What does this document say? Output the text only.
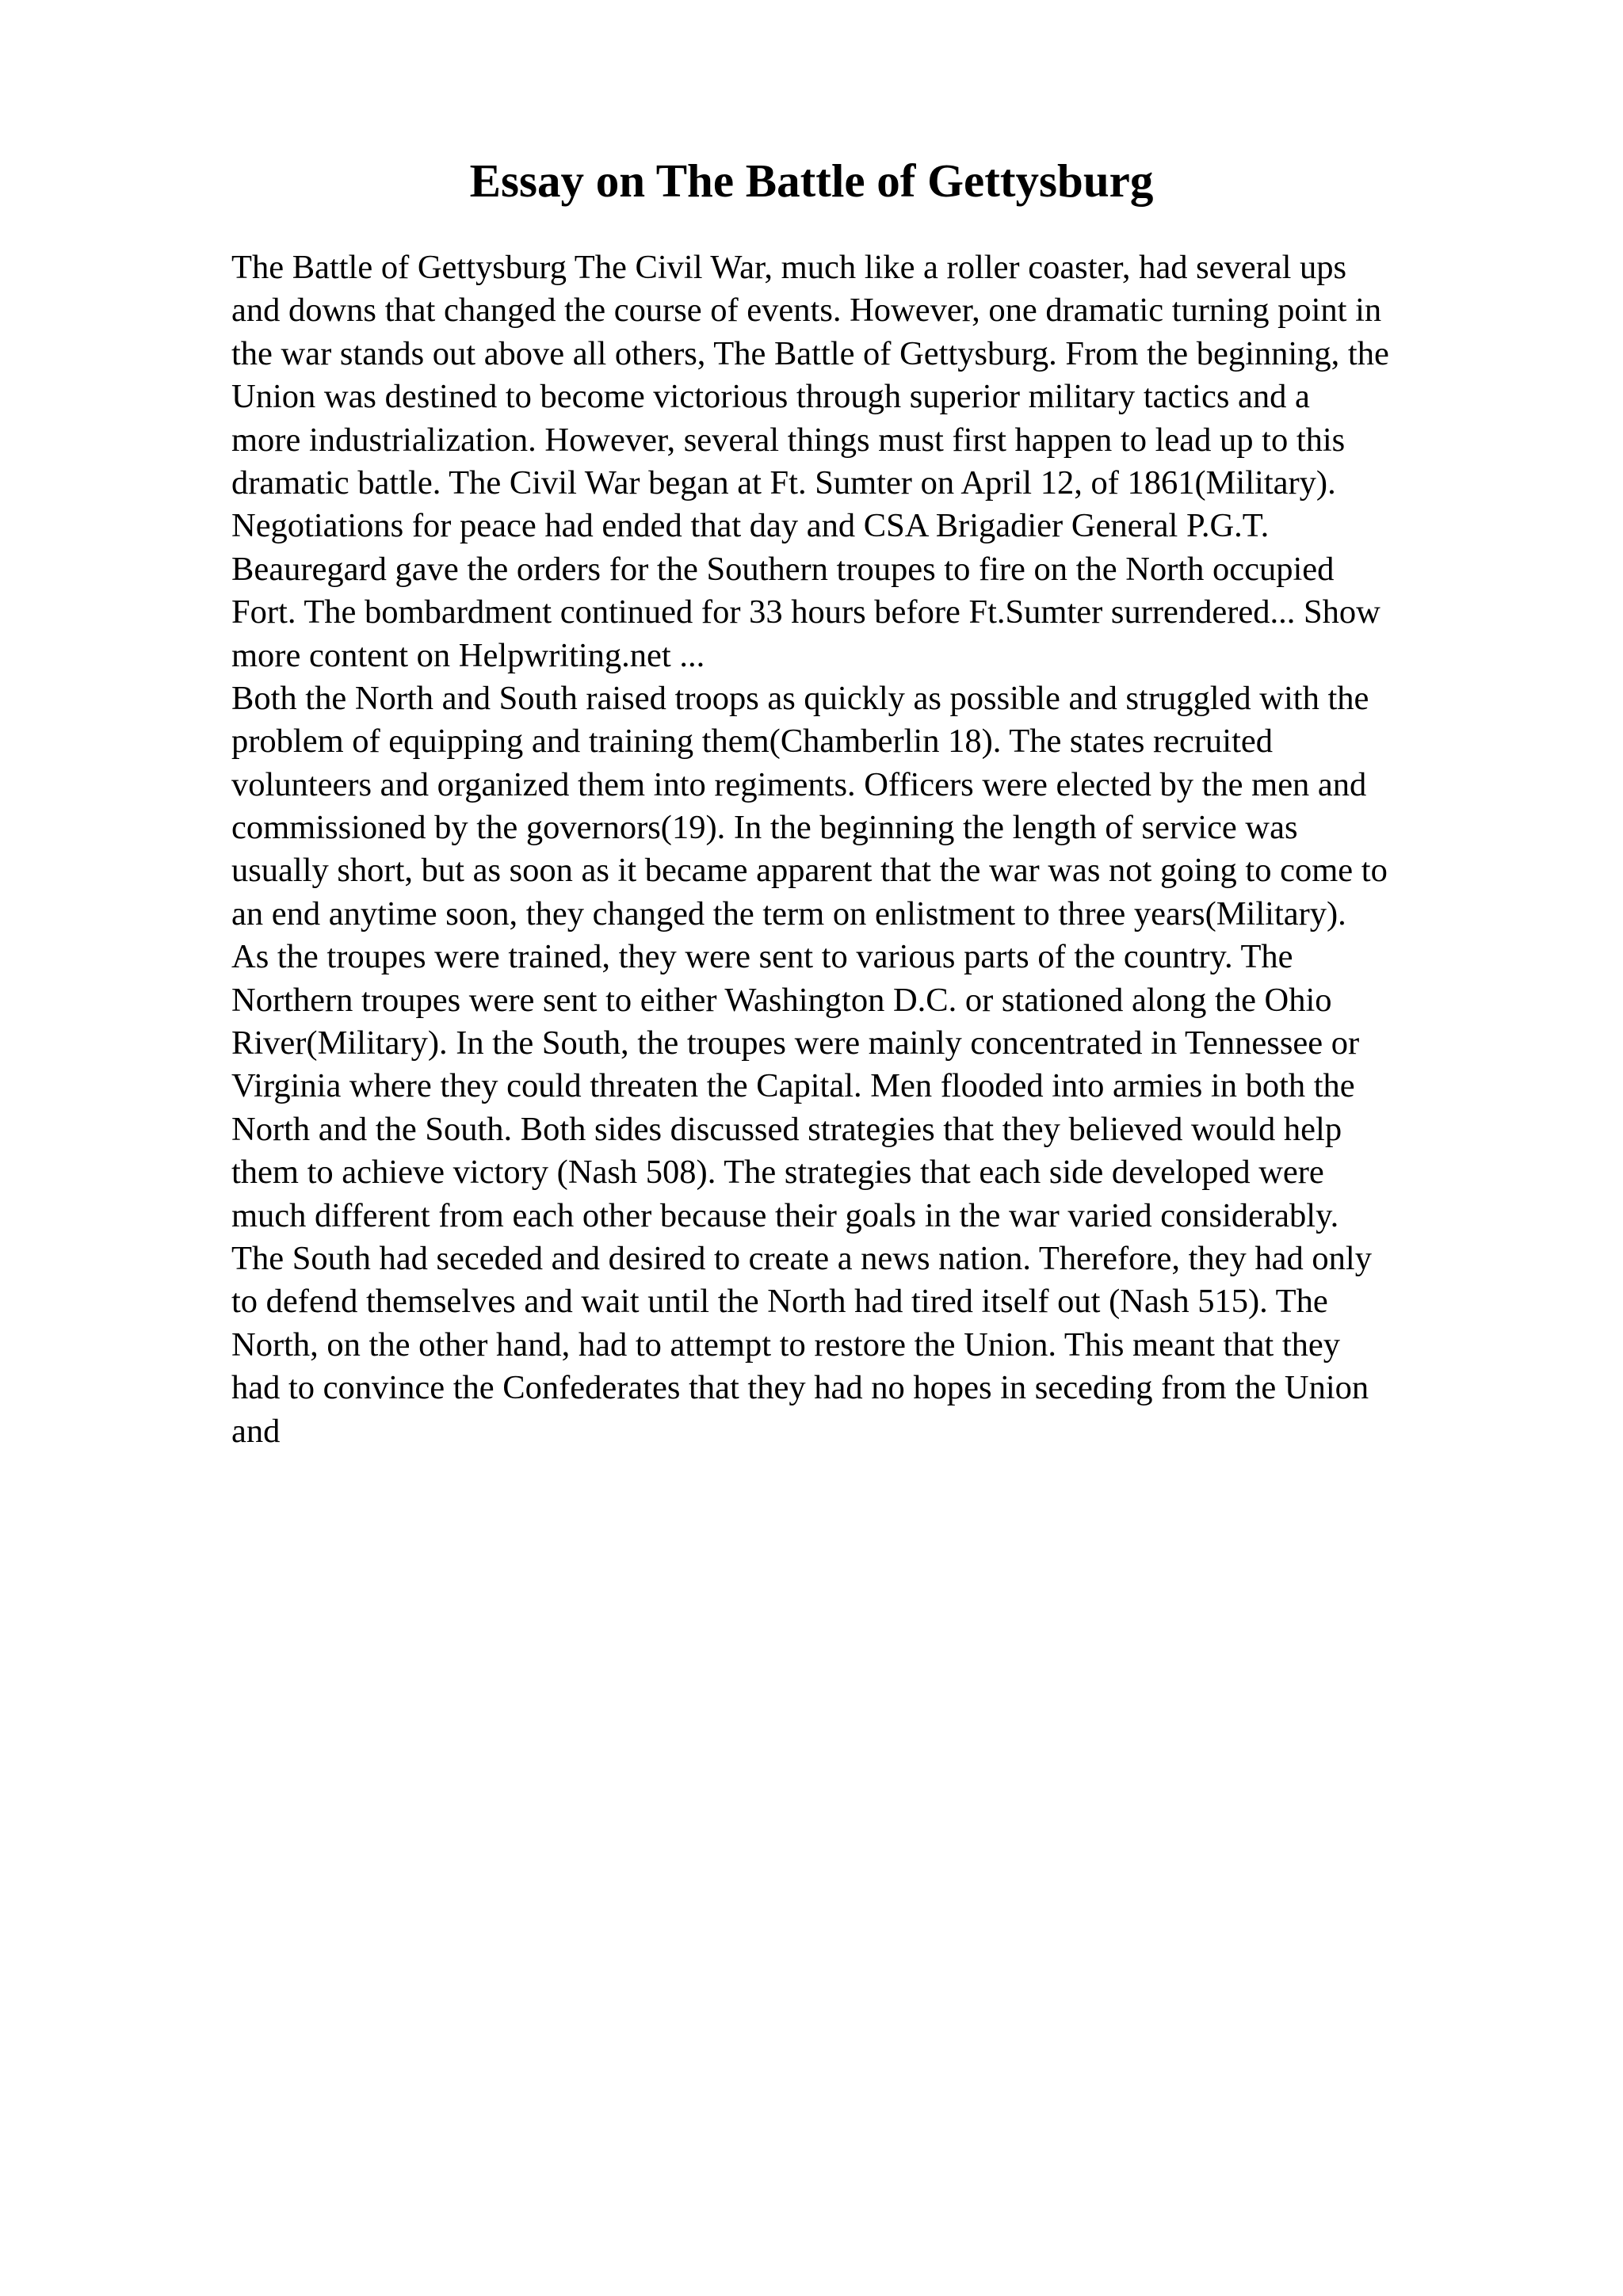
Essay on The Battle of Gettysburg
The Battle of Gettysburg The Civil War, much like a roller coaster, had several ups
and downs that changed the course of events. However, one dramatic turning point in
the war stands out above all others, The Battle of Gettysburg. From the beginning, the
Union was destined to become victorious through superior military tactics and a
more industrialization. However, several things must first happen to lead up to this
dramatic battle. The Civil War began at Ft. Sumter on April 12, of 1861(Military).
Negotiations for peace had ended that day and CSA Brigadier General P.G.T.
Beauregard gave the orders for the Southern troupes to fire on the North occupied
Fort. The bombardment continued for 33 hours before Ft.Sumter surrendered... Show
more content on Helpwriting.net ...
Both the North and South raised troops as quickly as possible and struggled with the
problem of equipping and training them(Chamberlin 18). The states recruited
volunteers and organized them into regiments. Officers were elected by the men and
commissioned by the governors(19). In the beginning the length of service was
usually short, but as soon as it became apparent that the war was not going to come to
an end anytime soon, they changed the term on enlistment to three years(Military).
As the troupes were trained, they were sent to various parts of the country. The
Northern troupes were sent to either Washington D.C. or stationed along the Ohio
River(Military). In the South, the troupes were mainly concentrated in Tennessee or
Virginia where they could threaten the Capital. Men flooded into armies in both the
North and the South. Both sides discussed strategies that they believed would help
them to achieve victory (Nash 508). The strategies that each side developed were
much different from each other because their goals in the war varied considerably.
The South had seceded and desired to create a news nation. Therefore, they had only
to defend themselves and wait until the North had tired itself out (Nash 515). The
North, on the other hand, had to attempt to restore the Union. This meant that they
had to convince the Confederates that they had no hopes in seceding from the Union
and
